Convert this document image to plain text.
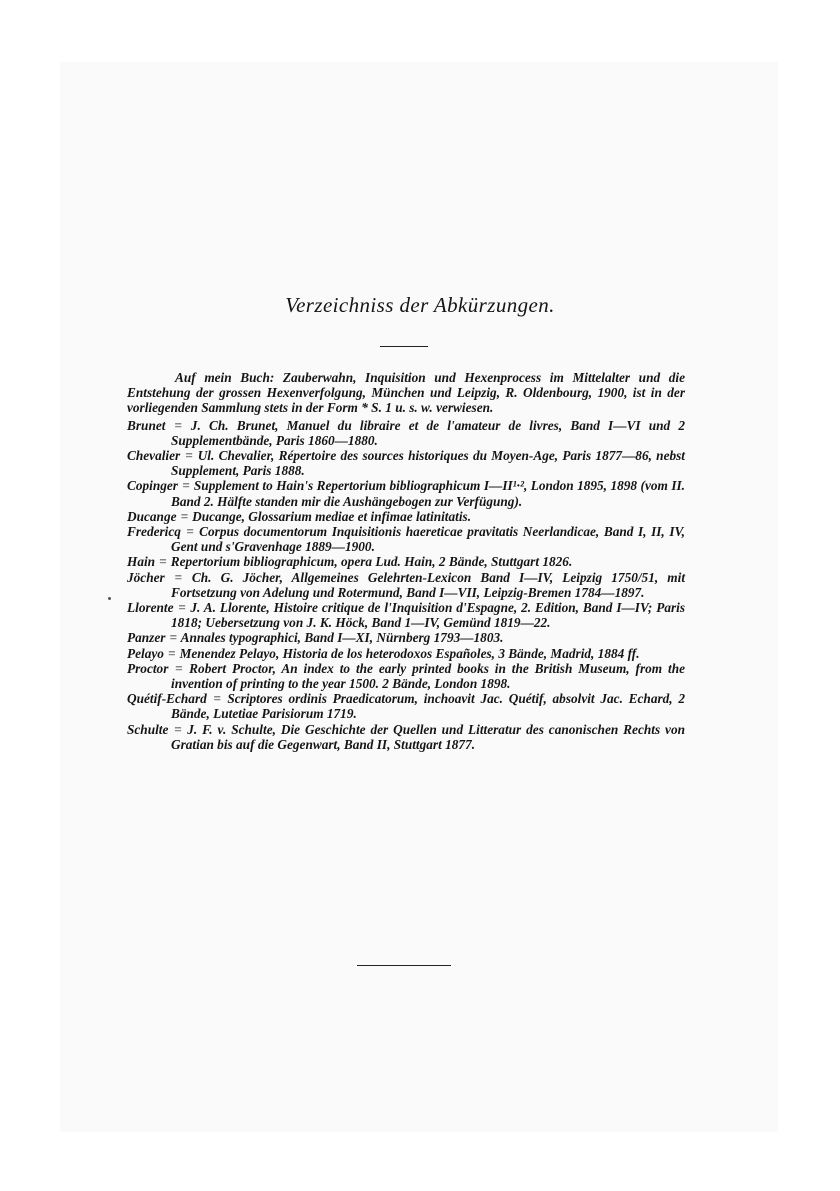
Verzeichniss der Abkürzungen.

Auf mein Buch: Zauberwahn, Inquisition und Hexenprocess im Mittelalter und die Entstehung der grossen Hexenverfolgung, München und Leipzig, R. Oldenbourg, 1900, ist in der vorliegenden Sammlung stets in der Form * S. 1 u. s. w. verwiesen.

Brunet = J. Ch. Brunet, Manuel du libraire et de l'amateur de livres, Band I—VI und 2 Supplementbände, Paris 1860—1880.

Chevalier = Ul. Chevalier, Répertoire des sources historiques du Moyen-Age, Paris 1877—86, nebst Supplement, Paris 1888.

Copinger = Supplement to Hain's Repertorium bibliographicum I—II¹·², London 1895, 1898 (vom II. Band 2. Hälfte standen mir die Aushängebogen zur Verfügung).

Ducange = Ducange, Glossarium mediae et infimae latinitatis.

Fredericq = Corpus documentorum Inquisitionis haereticae pravitatis Neerlandicae, Band I, II, IV, Gent und s'Gravenhage 1889—1900.

Hain = Repertorium bibliographicum, opera Lud. Hain, 2 Bände, Stuttgart 1826.

Jöcher = Ch. G. Jöcher, Allgemeines Gelehrten-Lexicon Band I—IV, Leipzig 1750/51, mit Fortsetzung von Adelung und Rotermund, Band I—VII, Leipzig-Bremen 1784—1897.

Llorente = J. A. Llorente, Histoire critique de l'Inquisition d'Espagne, 2. Edition, Band I—IV; Paris 1818; Uebersetzung von J. K. Höck, Band 1—IV, Gemünd 1819—22.

Panzer = Annales typographici, Band I—XI, Nürnberg 1793—1803.

Pelayo = Menendez Pelayo, Historia de los heterodoxos Españoles, 3 Bände, Madrid, 1884 ff.

Proctor = Robert Proctor, An index to the early printed books in the British Museum, from the invention of printing to the year 1500. 2 Bände, London 1898.

Quétif-Echard = Scriptores ordinis Praedicatorum, inchoavit Jac. Quétif, absolvit Jac. Echard, 2 Bände, Lutetiae Parisiorum 1719.

Schulte = J. F. v. Schulte, Die Geschichte der Quellen und Litteratur des canonischen Rechts von Gratian bis auf die Gegenwart, Band II, Stuttgart 1877.
